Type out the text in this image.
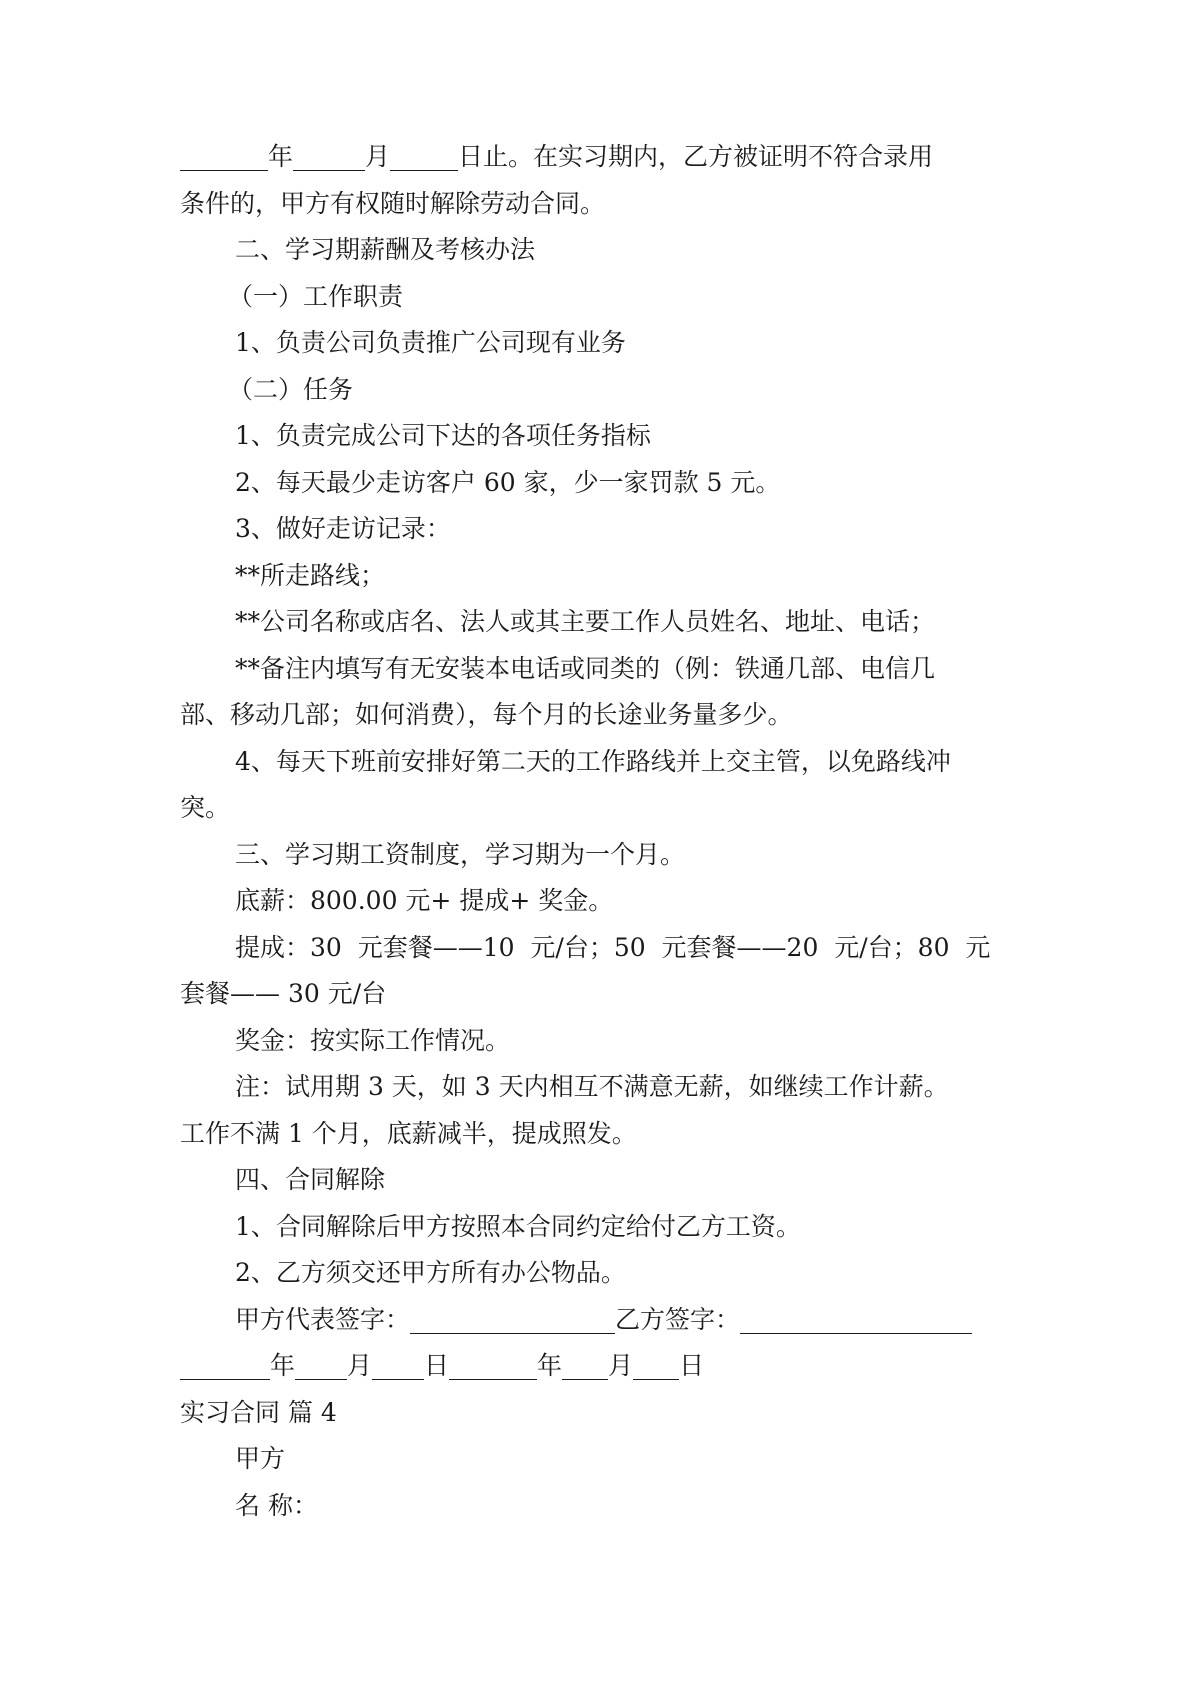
年	月	日止。在实习期内，乙方被证明不符合录用
条件的，甲方有权随时解除劳动合同。
二、学习期薪酬及考核办法
（一）工作职责
1、负责公司负责推广公司现有业务
（二）任务
1、负责完成公司下达的各项任务指标
2、每天最少走访客户 60 家，少一家罚款 5 元。
3、做好走访记录：
**所走路线；
**公司名称或店名、法人或其主要工作人员姓名、地址、电话；
**备注内填写有无安装本电话或同类的（例：铁通几部、电信几
部、移动几部；如何消费），每个月的长途业务量多少。
4、每天下班前安排好第二天的工作路线并上交主管，以免路线冲
突。
三、学习期工资制度，学习期为一个月。
底薪：800.00 元+ 提成+ 奖金。
提成：30  元套餐——10  元/台；50  元套餐——20  元/台；80  元
套餐—— 30 元/台
奖金：按实际工作情况。
注：试用期 3 天，如 3 天内相互不满意无薪，如继续工作计薪。
工作不满 1 个月，底薪减半，提成照发。
四、合同解除
1、合同解除后甲方按照本合同约定给付乙方工资。
2、乙方须交还甲方所有办公物品。
甲方代表签字：	乙方签字：
年 月 日	年 月 日
实习合同 篇 4
甲方
名 称：
